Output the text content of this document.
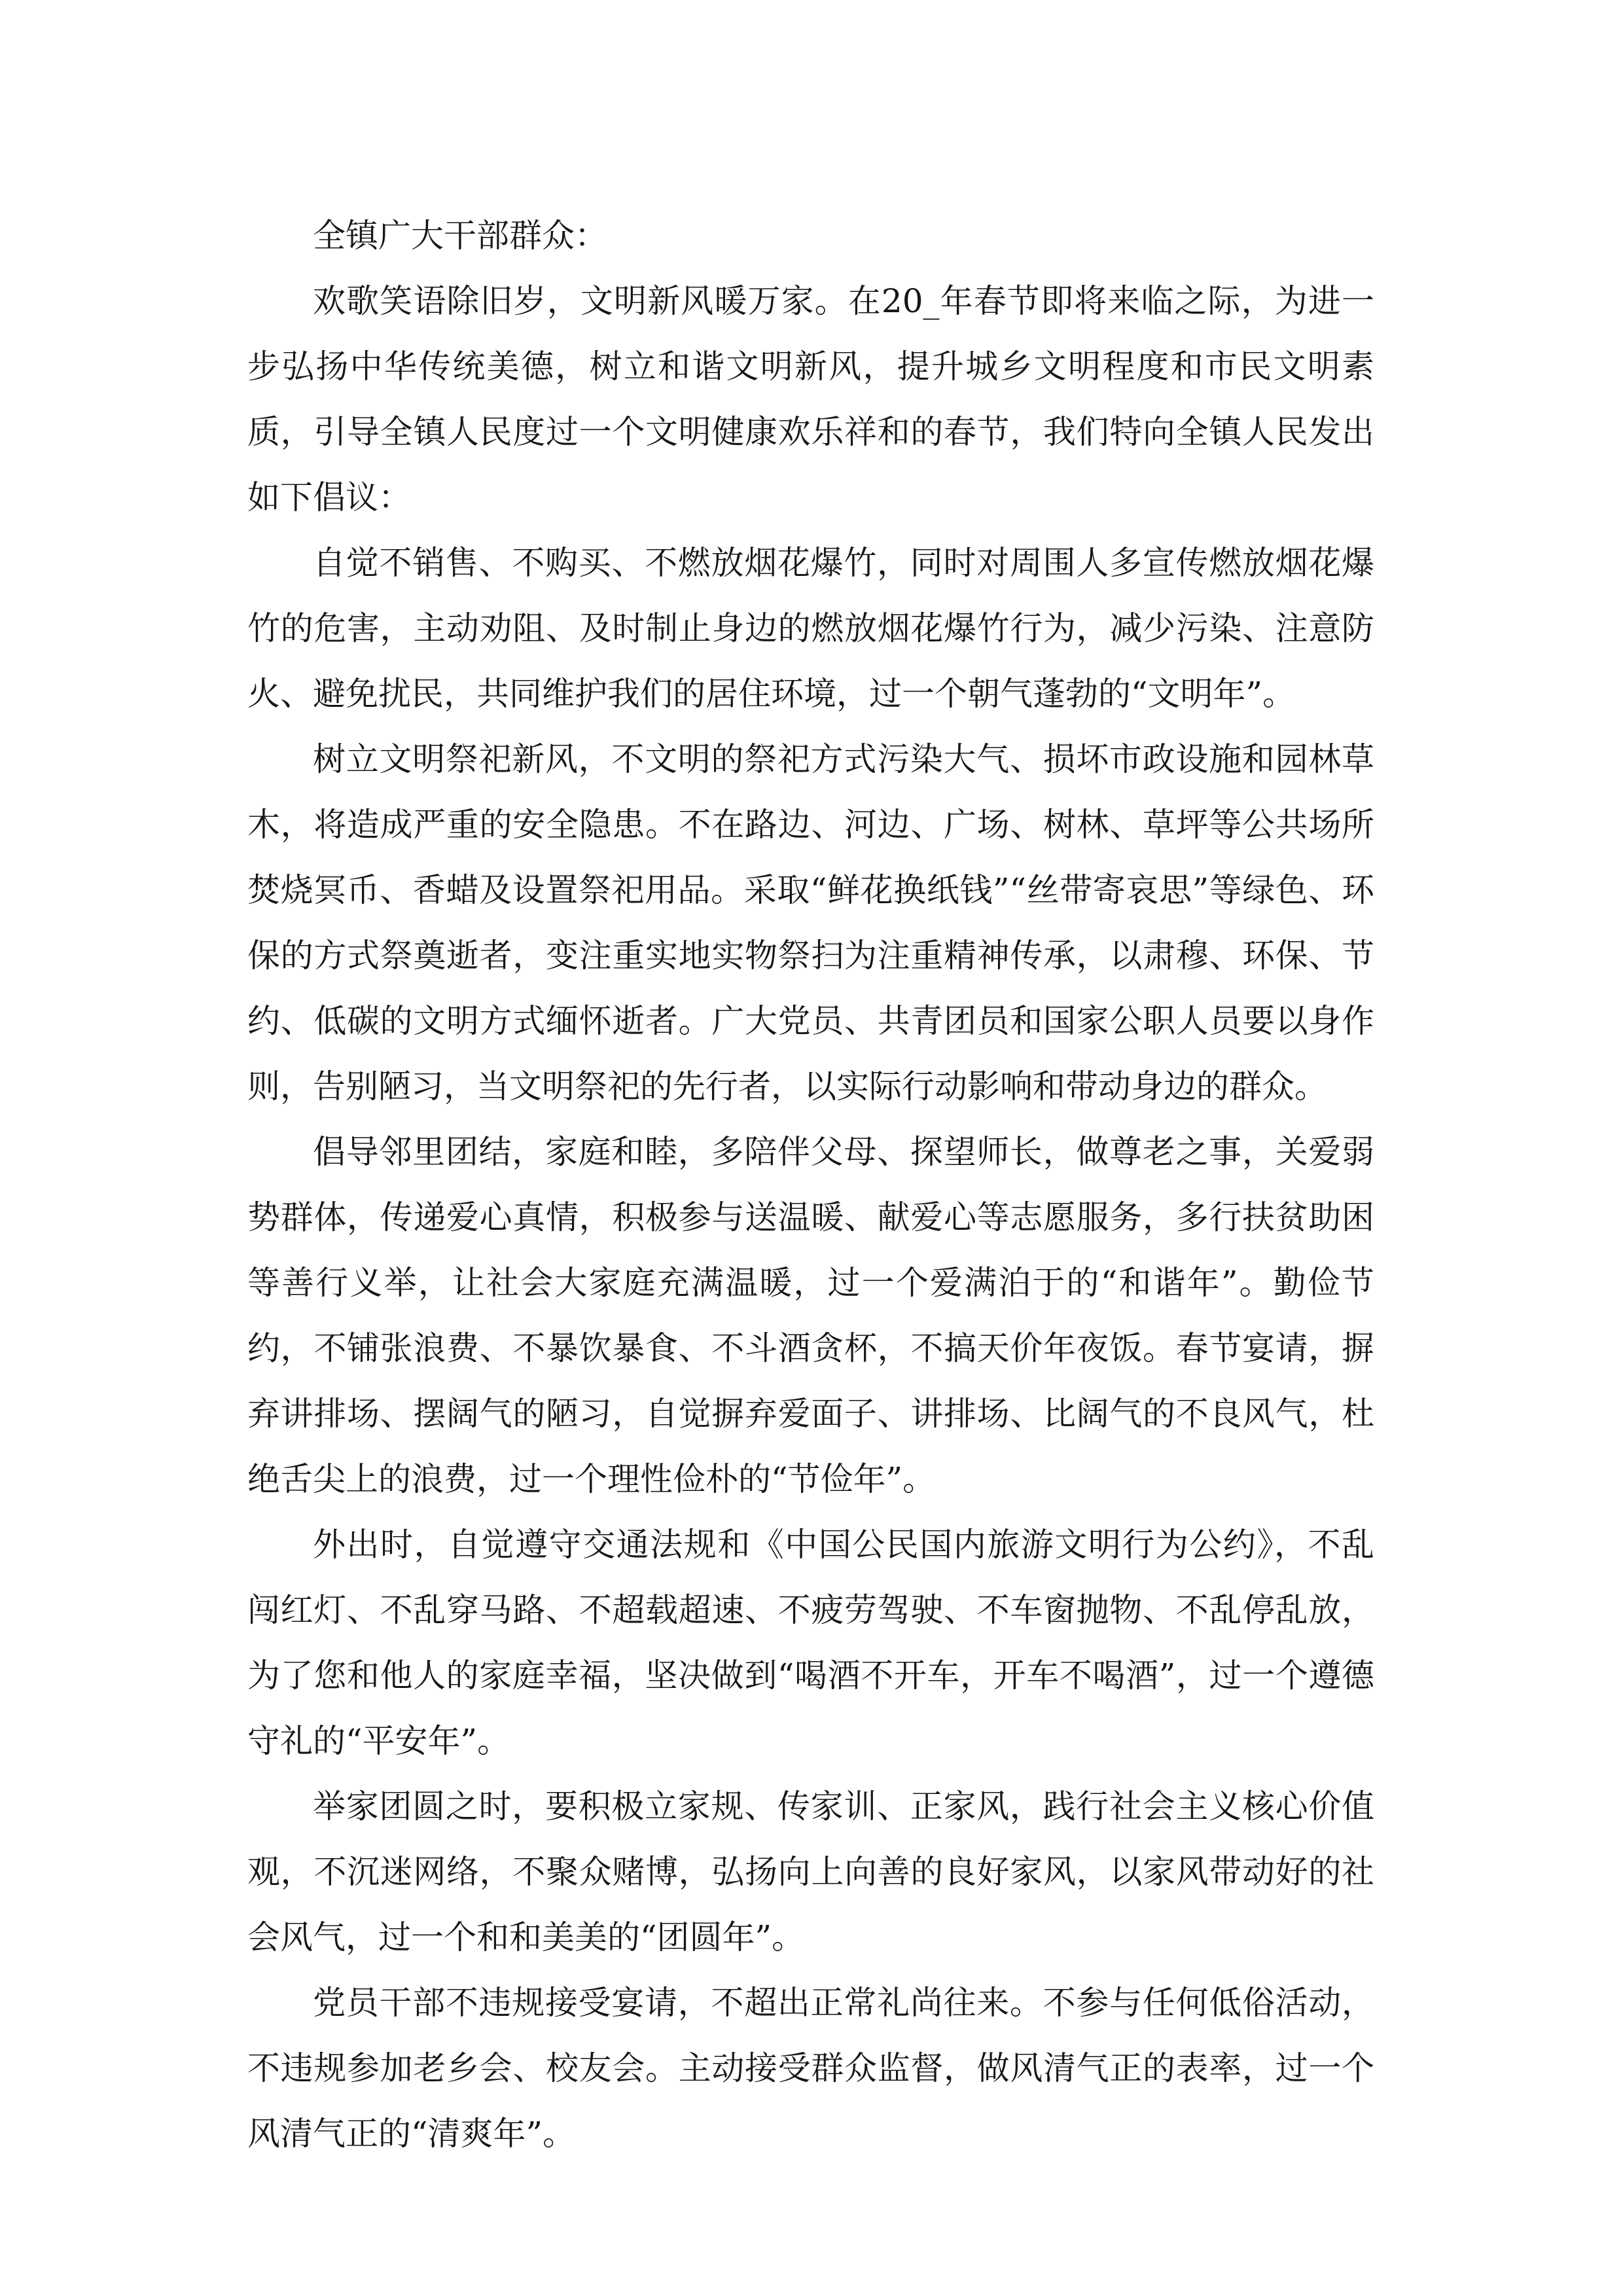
全镇广大干部群众：

欢歌笑语除旧岁，文明新风暖万家。在20_年春节即将来临之际，为进一步弘扬中华传统美德，树立和谐文明新风，提升城乡文明程度和市民文明素质，引导全镇人民度过一个文明健康欢乐祥和的春节，我们特向全镇人民发出如下倡议：

自觉不销售、不购买、不燃放烟花爆竹，同时对周围人多宣传燃放烟花爆竹的危害，主动劝阻、及时制止身边的燃放烟花爆竹行为，减少污染、注意防火、避免扰民，共同维护我们的居住环境，过一个朝气蓬勃的“文明年”。

树立文明祭祀新风，不文明的祭祀方式污染大气、损坏市政设施和园林草木，将造成严重的安全隐患。不在路边、河边、广场、树林、草坪等公共场所焚烧冥币、香蜡及设置祭祀用品。采取“鲜花换纸钱”“丝带寄哀思”等绿色、环保的方式祭奠逝者，变注重实地实物祭扫为注重精神传承，以肃穆、环保、节约、低碳的文明方式缅怀逝者。广大党员、共青团员和国家公职人员要以身作则，告别陋习，当文明祭祀的先行者，以实际行动影响和带动身边的群众。

倡导邻里团结，家庭和睦，多陪伴父母、探望师长，做尊老之事，关爱弱势群体，传递爱心真情，积极参与送温暖、献爱心等志愿服务，多行扶贫助困等善行义举，让社会大家庭充满温暖，过一个爱满泊于的“和谐年”。勤俭节约，不铺张浪费、不暴饮暴食、不斗酒贪杯，不搞天价年夜饭。春节宴请，摒弃讲排场、摆阔气的陋习，自觉摒弃爱面子、讲排场、比阔气的不良风气，杜绝舌尖上的浪费，过一个理性俭朴的“节俭年”。

外出时，自觉遵守交通法规和《中国公民国内旅游文明行为公约》，不乱闯红灯、不乱穿马路、不超载超速、不疲劳驾驶、不车窗抛物、不乱停乱放，为了您和他人的家庭幸福，坚决做到“喝酒不开车，开车不喝酒”，过一个遵德守礼的“平安年”。

举家团圆之时，要积极立家规、传家训、正家风，践行社会主义核心价值观，不沉迷网络，不聚众赌博，弘扬向上向善的良好家风，以家风带动好的社会风气，过一个和和美美的“团圆年”。

党员干部不违规接受宴请，不超出正常礼尚往来。不参与任何低俗活动，不违规参加老乡会、校友会。主动接受群众监督，做风清气正的表率，过一个风清气正的“清爽年”。
